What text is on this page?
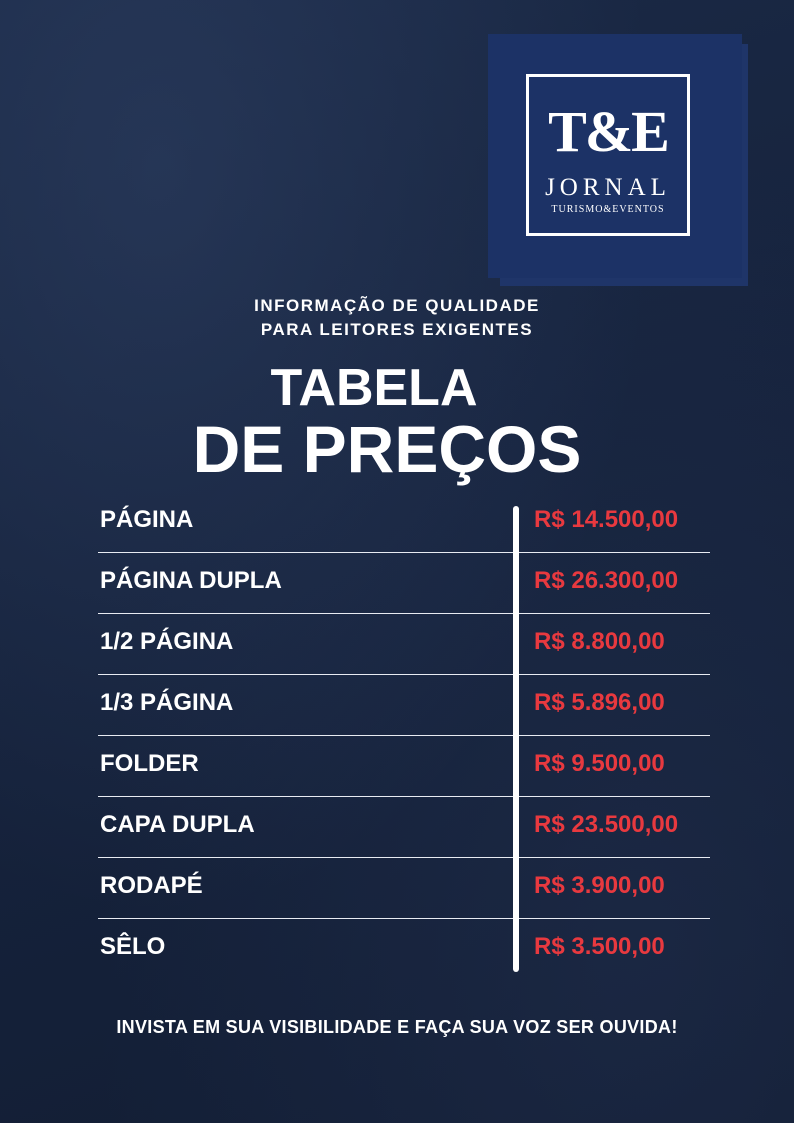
T&E
JORNAL
TURISMO&EVENTOS
INFORMAÇÃO DE QUALIDADE
PARA LEITORES EXIGENTES
TABELA
DE PREÇOS
PÁGINA	R$ 14.500,00
PÁGINA DUPLA	R$ 26.300,00
1/2 PÁGINA	R$ 8.800,00
1/3 PÁGINA	R$ 5.896,00
FOLDER	R$ 9.500,00
CAPA DUPLA	R$ 23.500,00
RODAPÉ	R$ 3.900,00
SÊLO	R$ 3.500,00
INVISTA EM SUA VISIBILIDADE E FAÇA SUA VOZ SER OUVIDA!
